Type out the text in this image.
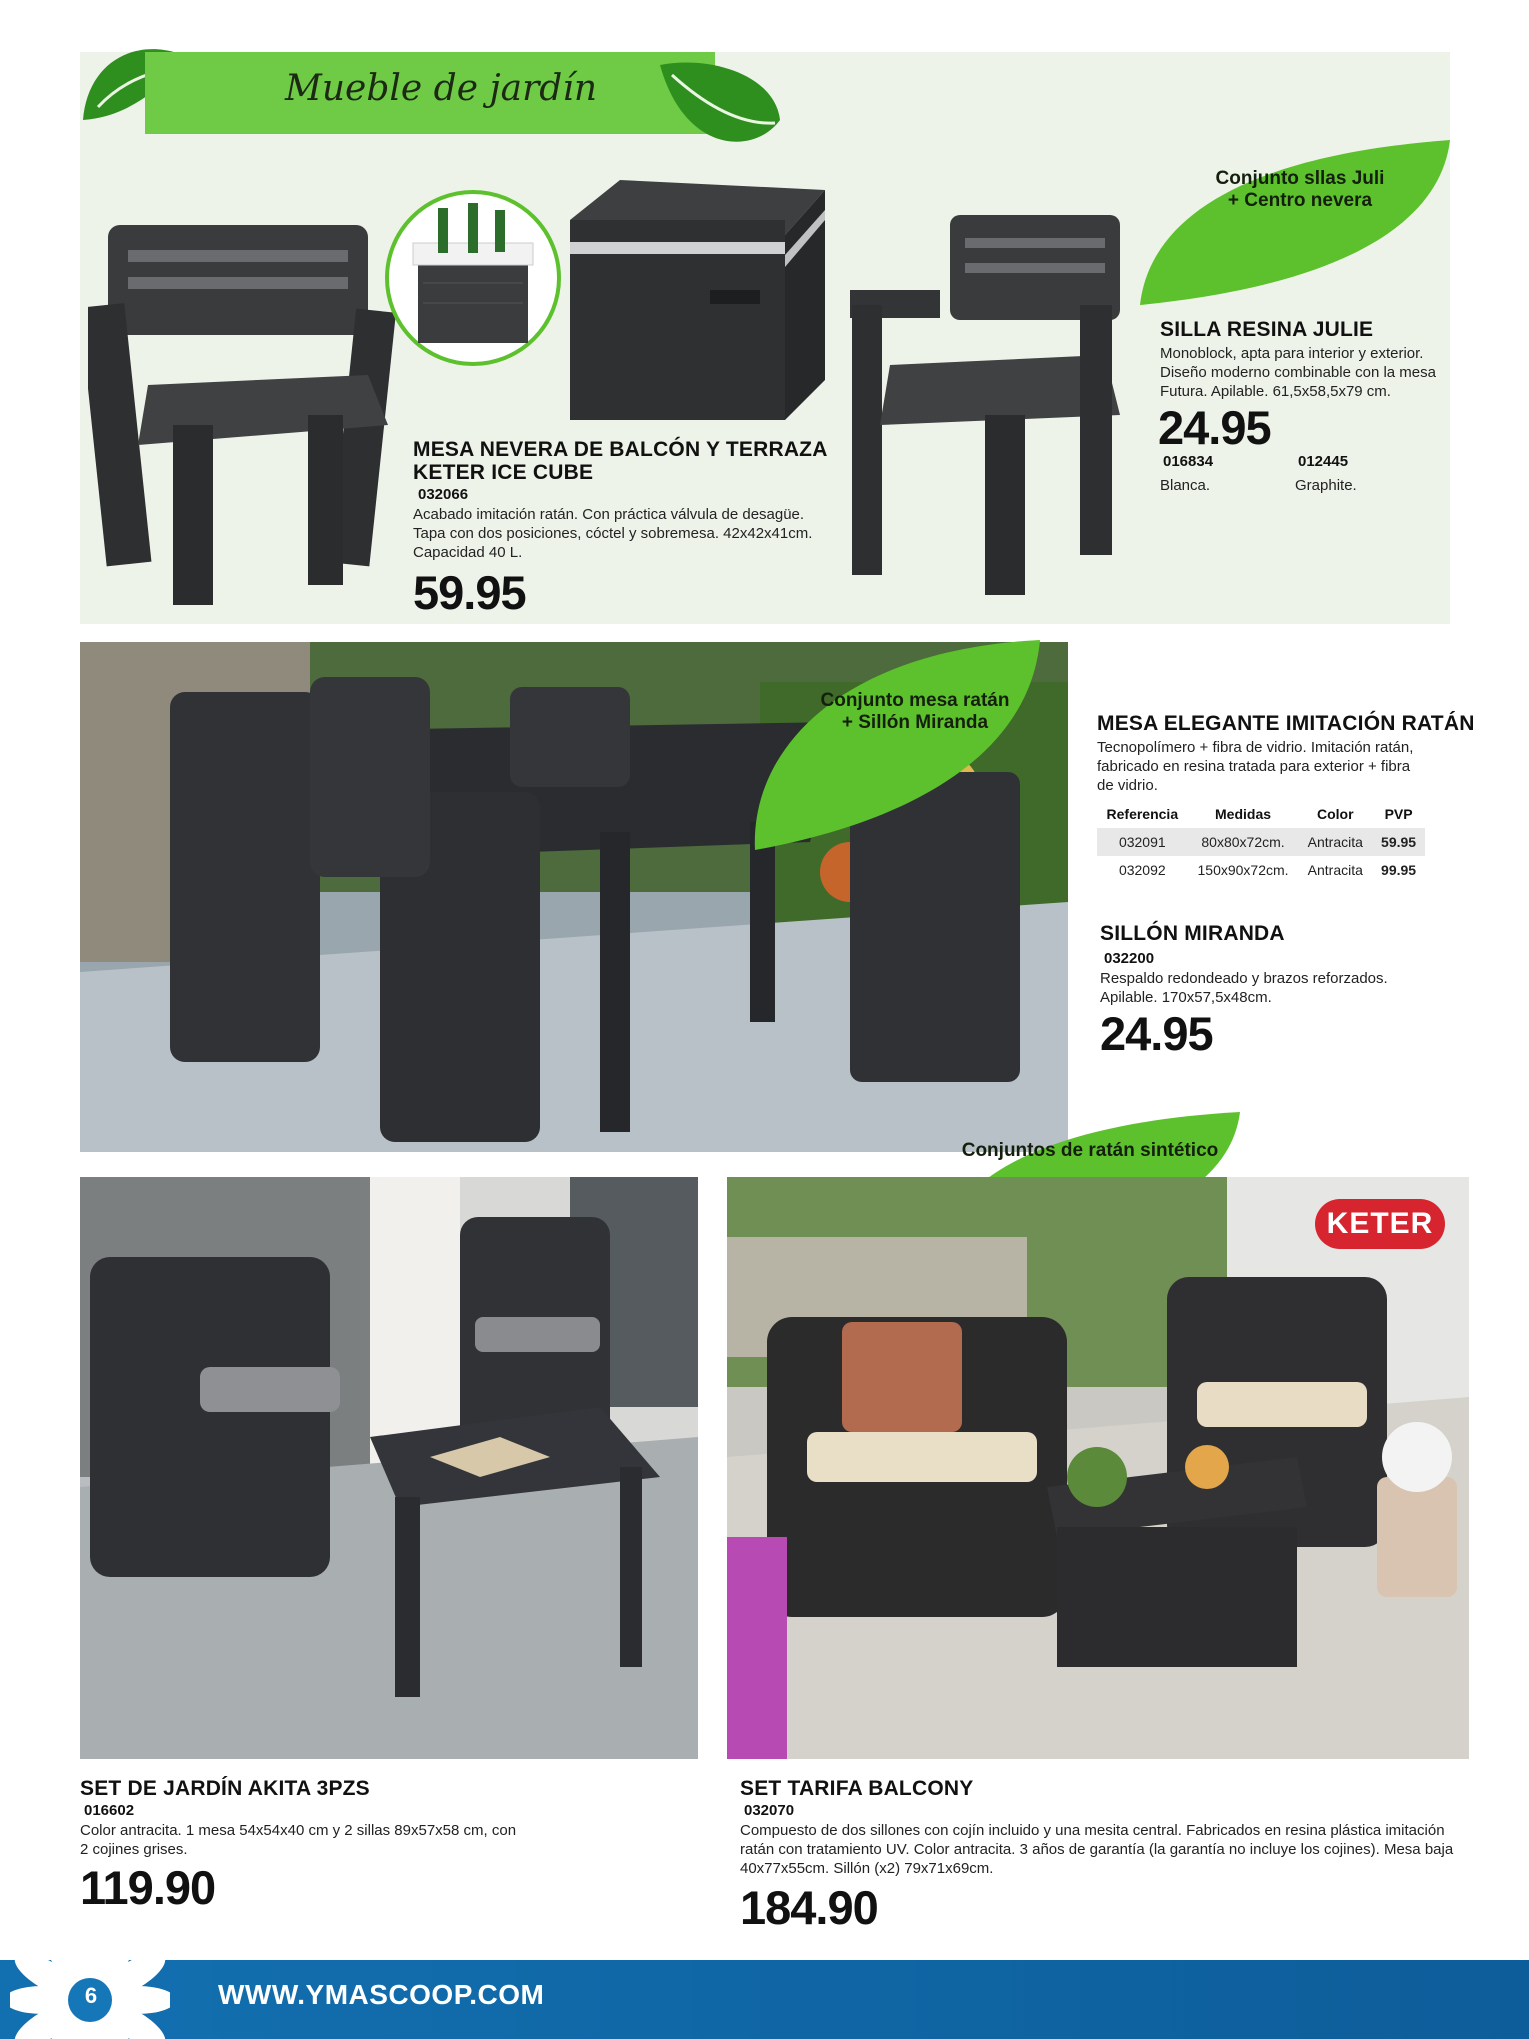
Mueble de jardín
Conjunto sllas Juli
+ Centro nevera
MESA NEVERA DE BALCÓN Y TERRAZA
KETER ICE CUBE
032066
Acabado imitación ratán. Con práctica válvula de desagüe.
Tapa con dos posiciones, cóctel y sobremesa. 42x42x41cm.
Capacidad 40 L.
59.95
SILLA RESINA JULIE
Monoblock, apta para interior y exterior.
Diseño moderno combinable con la mesa
Futura. Apilable. 61,5x58,5x79 cm.
24.95
016834
Blanca.
012445
Graphite.
Conjunto mesa ratán
+ Sillón Miranda	MESA ELEGANTE IMITACIÓN RATÁN
Tecnopolímero + fibra de vidrio. Imitación ratán,
fabricado en resina tratada para exterior + fibra
de vidrio.
Referencia	Medidas	Color	PVP
032091	80x80x72cm.	Antracita	59.95
032092	150x90x72cm.	Antracita	99.95
SILLÓN MIRANDA
032200
Respaldo redondeado y brazos reforzados.
Apilable. 170x57,5x48cm.
24.95
Conjuntos de ratán sintético
KETER
SET DE JARDÍN AKITA 3PZS
016602
Color antracita. 1 mesa 54x54x40 cm y 2 sillas 89x57x58 cm, con
2 cojines grises.
119.90
SET TARIFA BALCONY
032070
Compuesto de dos sillones con cojín incluido y una mesita central. Fabricados en resina plástica imitación
ratán con tratamiento UV. Color antracita. 3 años de garantía (la garantía no incluye los cojines). Mesa baja
40x77x55cm. Sillón (x2) 79x71x69cm.
184.90
6	WWW.YMASCOOP.COM
